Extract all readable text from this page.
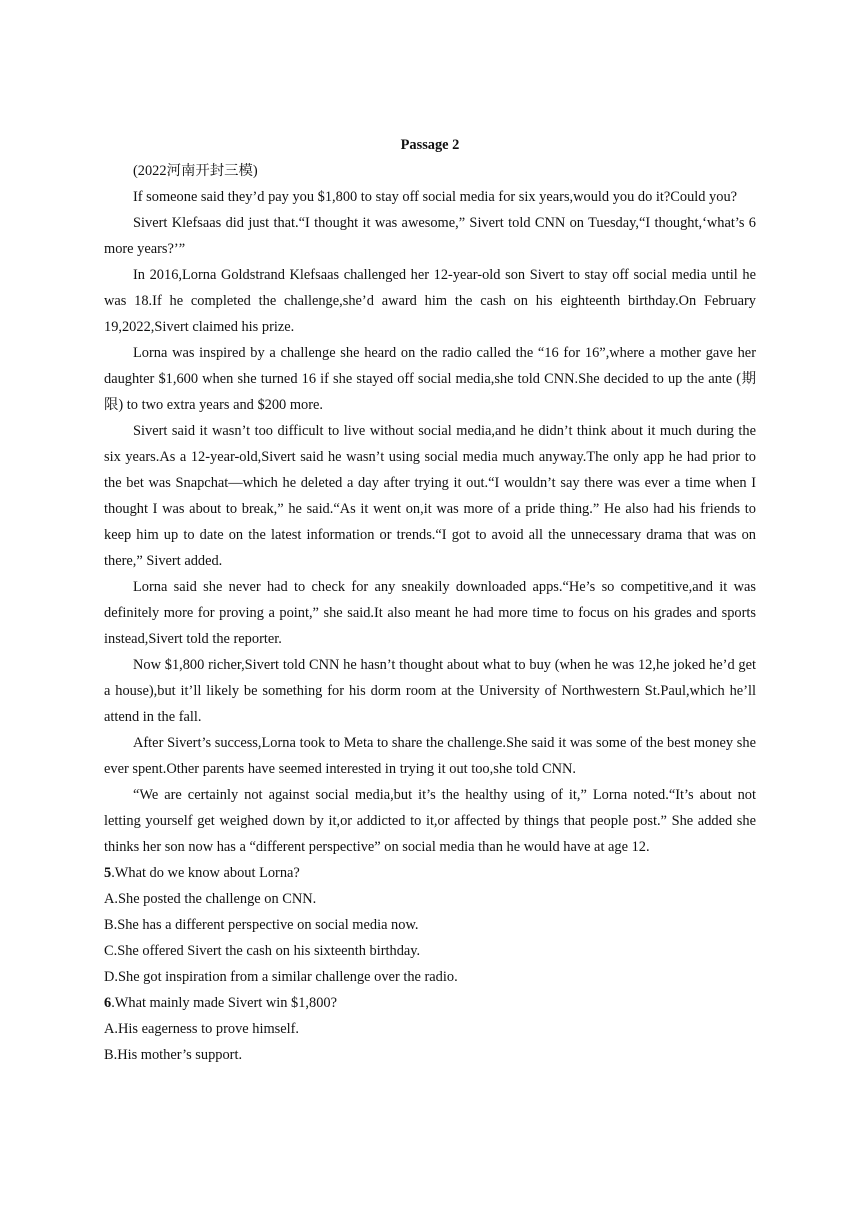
Passage 2

(2022河南开封三模)

If someone said they’d pay you $1,800 to stay off social media for six years,would you do it?Could you?

Sivert Klefsaas did just that.“I thought it was awesome,” Sivert told CNN on Tuesday,“I thought,‘what’s 6 more years?’”

In 2016,Lorna Goldstrand Klefsaas challenged her 12-year-old son Sivert to stay off social media until he was 18.If he completed the challenge,she’d award him the cash on his eighteenth birthday.On February 19,2022,Sivert claimed his prize.

Lorna was inspired by a challenge she heard on the radio called the “16 for 16”,where a mother gave her daughter $1,600 when she turned 16 if she stayed off social media,she told CNN.She decided to up the ante (期限) to two extra years and $200 more.

Sivert said it wasn’t too difficult to live without social media,and he didn’t think about it much during the six years.As a 12-year-old,Sivert said he wasn’t using social media much anyway.The only app he had prior to the bet was Snapchat—which he deleted a day after trying it out.“I wouldn’t say there was ever a time when I thought I was about to break,” he said.“As it went on,it was more of a pride thing.” He also had his friends to keep him up to date on the latest information or trends.“I got to avoid all the unnecessary drama that was on there,” Sivert added.

Lorna said she never had to check for any sneakily downloaded apps.“He’s so competitive,and it was definitely more for proving a point,” she said.It also meant he had more time to focus on his grades and sports instead,Sivert told the reporter.

Now $1,800 richer,Sivert told CNN he hasn’t thought about what to buy (when he was 12,he joked he’d get a house),but it’ll likely be something for his dorm room at the University of Northwestern St.Paul,which he’ll attend in the fall.

After Sivert’s success,Lorna took to Meta to share the challenge.She said it was some of the best money she ever spent.Other parents have seemed interested in trying it out too,she told CNN.

“We are certainly not against social media,but it’s the healthy using of it,” Lorna noted.“It’s about not letting yourself get weighed down by it,or addicted to it,or affected by things that people post.” She added she thinks her son now has a “different perspective” on social media than he would have at age 12.

5.What do we know about Lorna?

A.She posted the challenge on CNN.

B.She has a different perspective on social media now.

C.She offered Sivert the cash on his sixteenth birthday.

D.She got inspiration from a similar challenge over the radio.

6.What mainly made Sivert win $1,800?

A.His eagerness to prove himself.

B.His mother’s support.
